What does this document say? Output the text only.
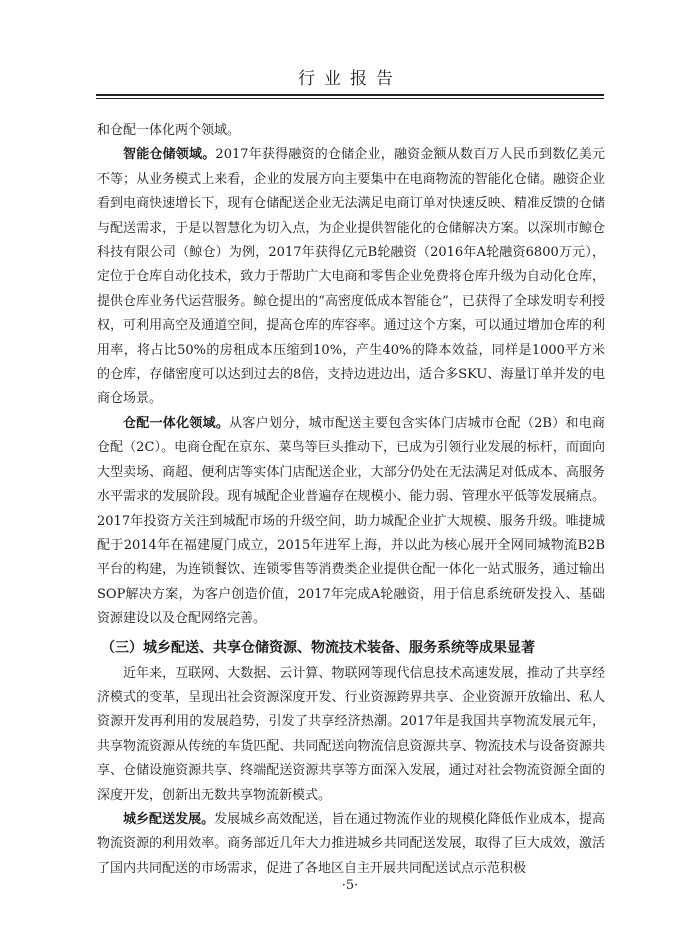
行业报告

和仓配一体化两个领域。

智能仓储领域。2017年获得融资的仓储企业，融资金额从数百万人民币到数亿美元不等；从业务模式上来看，企业的发展方向主要集中在电商物流的智能化仓储。融资企业看到电商快速增长下，现有仓储配送企业无法满足电商订单对快速反映、精准反馈的仓储与配送需求，于是以智慧化为切入点，为企业提供智能化的仓储解决方案。以深圳市鲸仓科技有限公司（鲸仓）为例，2017年获得亿元B轮融资（2016年A轮融资6800万元），定位于仓库自动化技术，致力于帮助广大电商和零售企业免费将仓库升级为自动化仓库，提供仓库业务代运营服务。鲸仓提出的“高密度低成本智能仓”，已获得了全球发明专利授权，可利用高空及通道空间，提高仓库的库容率。通过这个方案，可以通过增加仓库的利用率，将占比50%的房租成本压缩到10%，产生40%的降本效益，同样是1000平方米的仓库，存储密度可以达到过去的8倍，支持边进边出，适合多SKU、海量订单并发的电商仓场景。

仓配一体化领域。从客户划分，城市配送主要包含实体门店城市仓配（2B）和电商仓配（2C）。电商仓配在京东、菜鸟等巨头推动下，已成为引领行业发展的标杆，而面向大型卖场、商超、便利店等实体门店配送企业，大部分仍处在无法满足对低成本、高服务水平需求的发展阶段。现有城配企业普遍存在规模小、能力弱、管理水平低等发展痛点。2017年投资方关注到城配市场的升级空间，助力城配企业扩大规模、服务升级。唯捷城配于2014年在福建厦门成立，2015年进军上海，并以此为核心展开全网同城物流B2B平台的构建，为连锁餐饮、连锁零售等消费类企业提供仓配一体化一站式服务，通过输出SOP解决方案，为客户创造价值，2017年完成A轮融资，用于信息系统研发投入、基础资源建设以及仓配网络完善。

（三）城乡配送、共享仓储资源、物流技术装备、服务系统等成果显著

近年来，互联网、大数据、云计算、物联网等现代信息技术高速发展，推动了共享经济模式的变革，呈现出社会资源深度开发、行业资源跨界共享、企业资源开放输出、私人资源开发再利用的发展趋势，引发了共享经济热潮。2017年是我国共享物流发展元年，共享物流资源从传统的车货匹配、共同配送向物流信息资源共享、物流技术与设备资源共享、仓储设施资源共享、终端配送资源共享等方面深入发展，通过对社会物流资源全面的深度开发，创新出无数共享物流新模式。

城乡配送发展。发展城乡高效配送，旨在通过物流作业的规模化降低作业成本，提高物流资源的利用效率。商务部近几年大力推进城乡共同配送发展，取得了巨大成效，激活了国内共同配送的市场需求，促进了各地区自主开展共同配送试点示范积极

·5·
